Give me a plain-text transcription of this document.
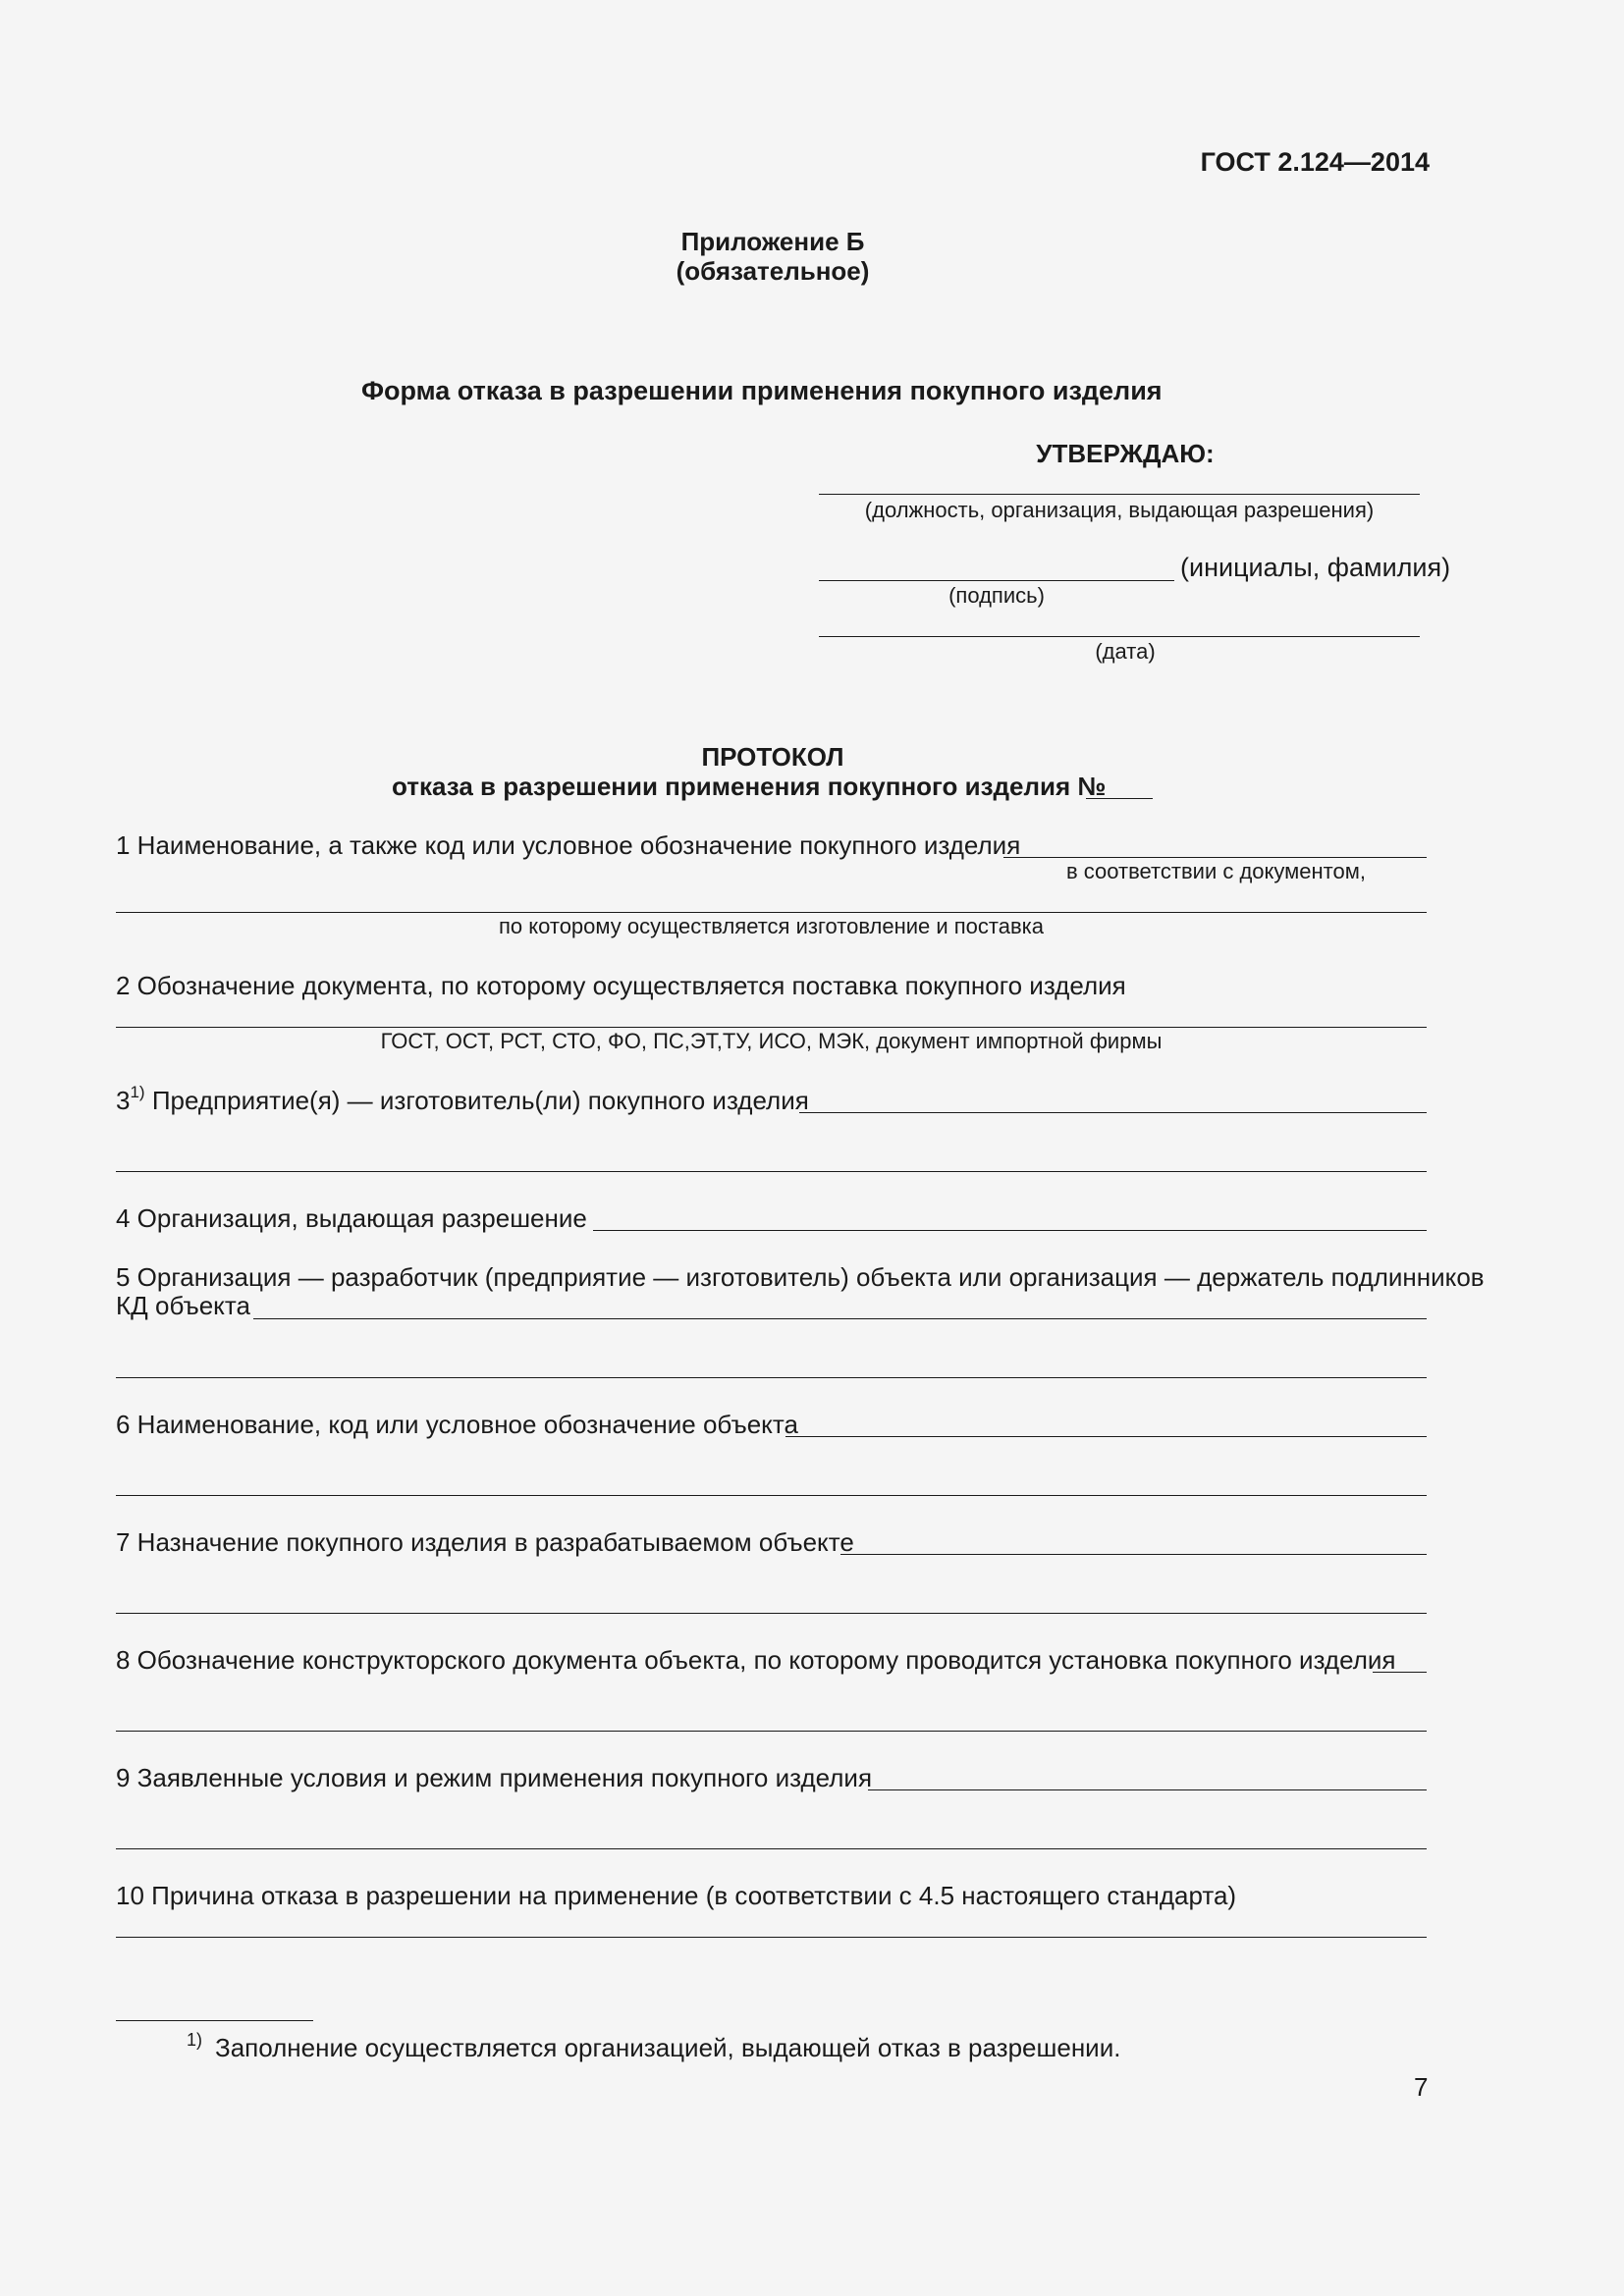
ГОСТ 2.124—2014
Приложение Б
(обязательное)
Форма отказа в разрешении применения покупного изделия
УТВЕРЖДАЮ:
(должность, организация, выдающая разрешения)
(инициалы, фамилия)
(подпись)
(дата)
ПРОТОКОЛ
отказа в разрешении применения покупного изделия №
1 Наименование, а также код или условное обозначение покупного изделия
в соответствии с документом,
по которому осуществляется изготовление и поставка
2 Обозначение документа, по которому осуществляется поставка покупного изделия
ГОСТ, ОСТ, РСТ, СТО, ФО, ПС,ЭТ,ТУ, ИСО, МЭК, документ импортной фирмы
3$^{1)}$ Предприятие(я) — изготовитель(ли) покупного изделия
4 Организация, выдающая разрешение
5 Организация — разработчик (предприятие — изготовитель) объекта или организация — держатель подлинников
КД объекта
6 Наименование, код или условное обозначение объекта
7 Назначение покупного изделия в разрабатываемом объекте
8 Обозначение конструкторского документа объекта, по которому проводится установка покупного изделия
9 Заявленные условия и режим применения покупного изделия
10 Причина отказа в разрешении на применение (в соответствии с 4.5 настоящего стандарта)
1) Заполнение осуществляется организацией, выдающей отказ в разрешении.
7
